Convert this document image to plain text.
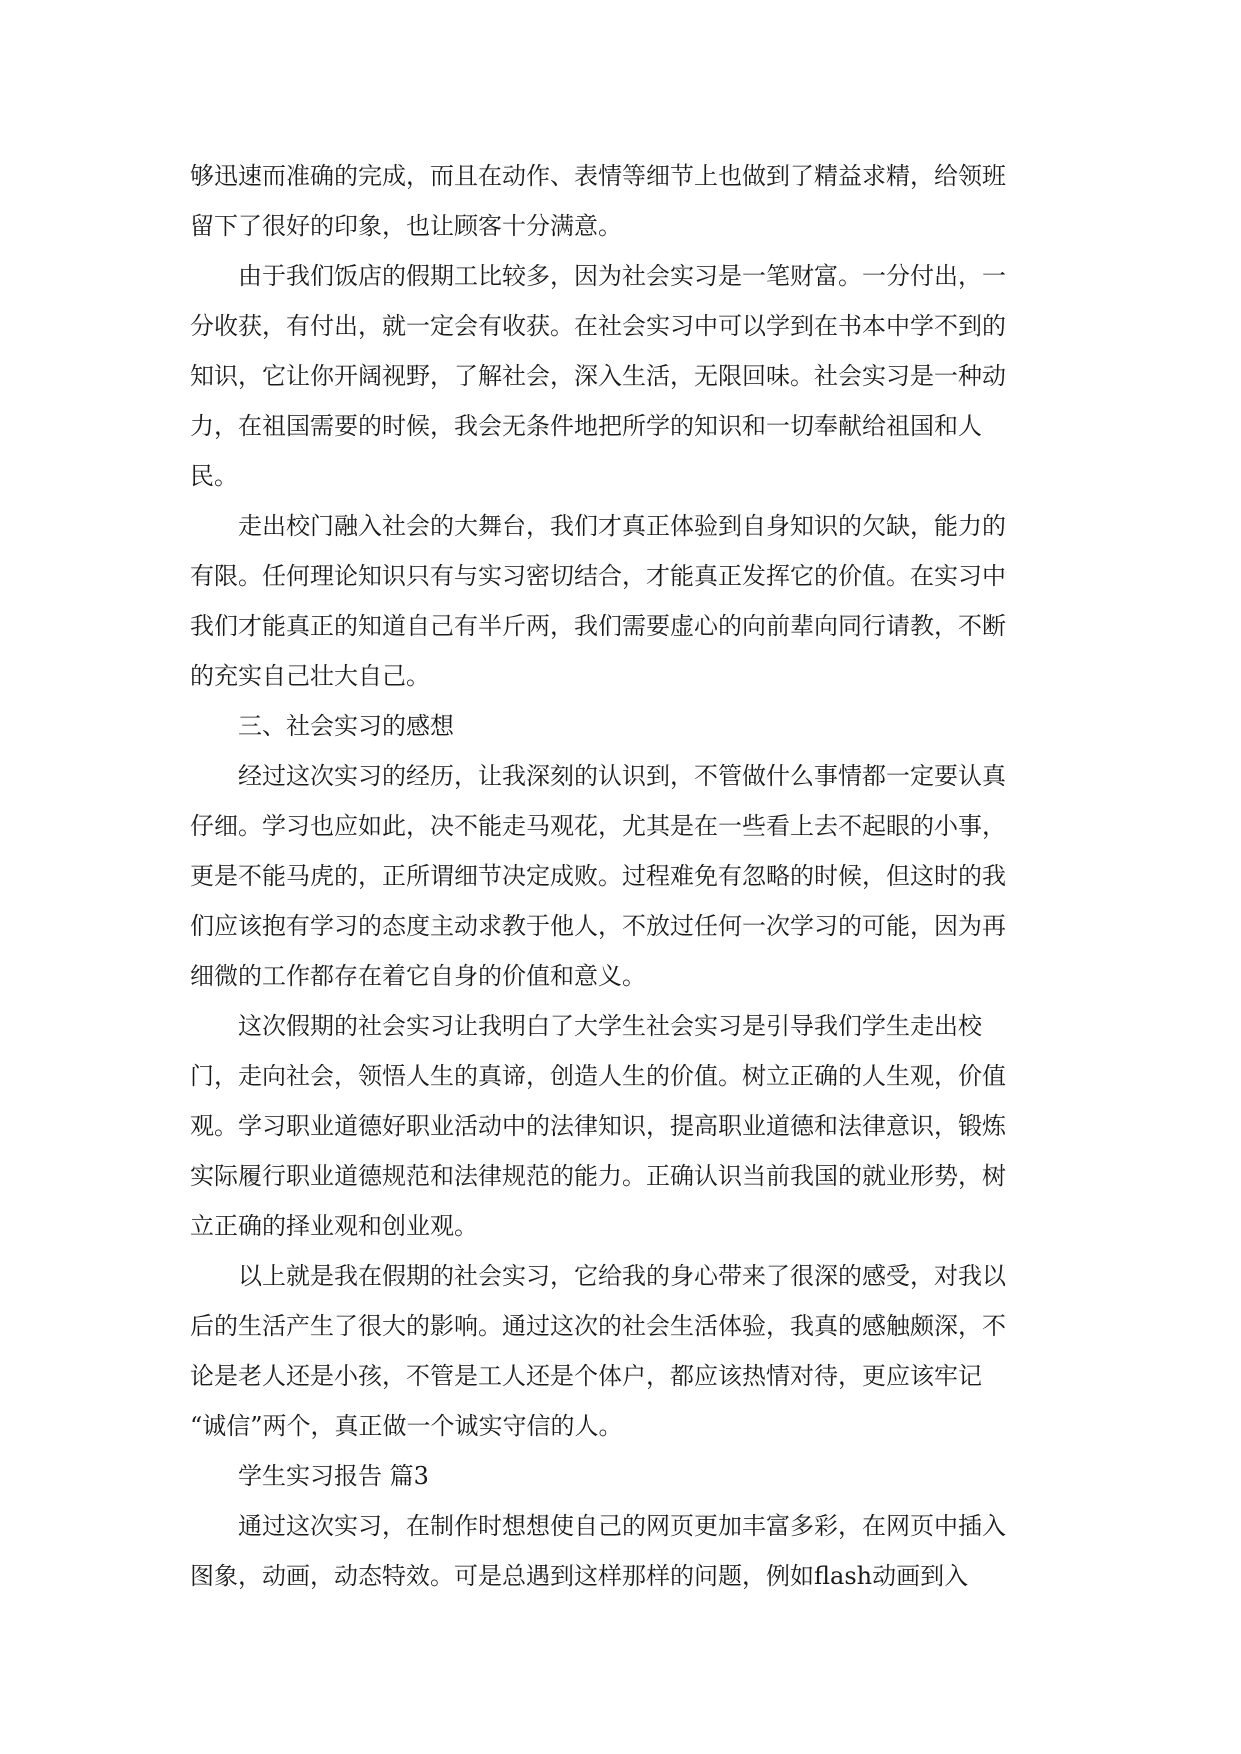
够迅速而准确的完成，而且在动作、表情等细节上也做到了精益求精，给领班
留下了很好的印象，也让顾客十分满意。
由于我们饭店的假期工比较多，因为社会实习是一笔财富。一分付出，一
分收获，有付出，就一定会有收获。在社会实习中可以学到在书本中学不到的
知识，它让你开阔视野，了解社会，深入生活，无限回味。社会实习是一种动
力，在祖国需要的时候，我会无条件地把所学的知识和一切奉献给祖国和人
民。
走出校门融入社会的大舞台，我们才真正体验到自身知识的欠缺，能力的
有限。任何理论知识只有与实习密切结合，才能真正发挥它的价值。在实习中
我们才能真正的知道自己有半斤两，我们需要虚心的向前辈向同行请教，不断
的充实自己壮大自己。
三、社会实习的感想
经过这次实习的经历，让我深刻的认识到，不管做什么事情都一定要认真
仔细。学习也应如此，决不能走马观花，尤其是在一些看上去不起眼的小事，
更是不能马虎的，正所谓细节决定成败。过程难免有忽略的时候，但这时的我
们应该抱有学习的态度主动求教于他人，不放过任何一次学习的可能，因为再
细微的工作都存在着它自身的价值和意义。
这次假期的社会实习让我明白了大学生社会实习是引导我们学生走出校
门，走向社会，领悟人生的真谛，创造人生的价值。树立正确的人生观，价值
观。学习职业道德好职业活动中的法律知识，提高职业道德和法律意识，锻炼
实际履行职业道德规范和法律规范的能力。正确认识当前我国的就业形势，树
立正确的择业观和创业观。
以上就是我在假期的社会实习，它给我的身心带来了很深的感受，对我以
后的生活产生了很大的影响。通过这次的社会生活体验，我真的感触颇深，不
论是老人还是小孩，不管是工人还是个体户，都应该热情对待，更应该牢记
“诚信”两个，真正做一个诚实守信的人。
学生实习报告 篇3
通过这次实习，在制作时想想使自己的网页更加丰富多彩，在网页中插入
图象，动画，动态特效。可是总遇到这样那样的问题，例如flash动画到入
